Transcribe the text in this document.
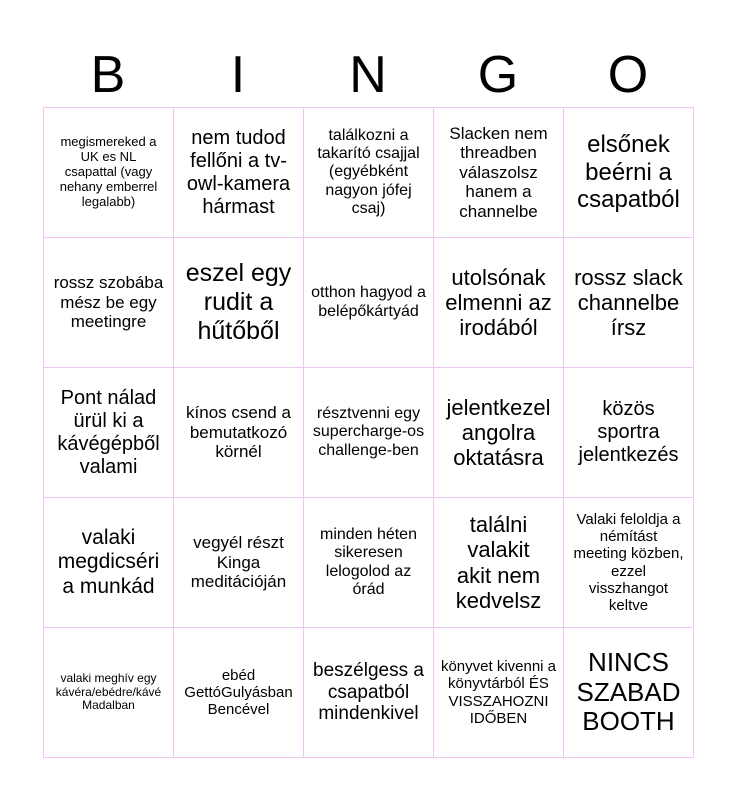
B	I	N	G	O
megismereked a UK es NL csapattal (vagy nehany emberrel legalabb)
nem tudod fellőni a tv-owl-kamera hármast
találkozni a takarító csajjal (egyébként nagyon jófej csaj)
Slacken nem threadben válaszolsz hanem a channelbe
elsőnek beérni a csapatból
rossz szobába mész be egy meetingre
eszel egy rudit a hűtőből
otthon hagyod a belépőkártyád
utolsónak elmenni az irodából
rossz slack channelbe írsz
Pont nálad ürül ki a kávégépből valami
kínos csend a bemutatkozó körnél
résztvenni egy supercharge-os challenge-ben
jelentkezel angolra oktatásra
közös sportra jelentkezés
valaki megdicséri a munkád
vegyél részt Kinga meditációján
minden héten sikeresen lelogolod az órád
találni valakit akit nem kedvelsz
Valaki feloldja a némítást meeting közben, ezzel visszhangot keltve
valaki meghív egy kávéra/ebédre/kávé Madalban
ebéd GettóGulyásban Bencével
beszélgess a csapatból mindenkivel
könyvet kivenni a könyvtárból ÉS VISSZAHOZNI IDŐBEN
NINCS SZABAD BOOTH
